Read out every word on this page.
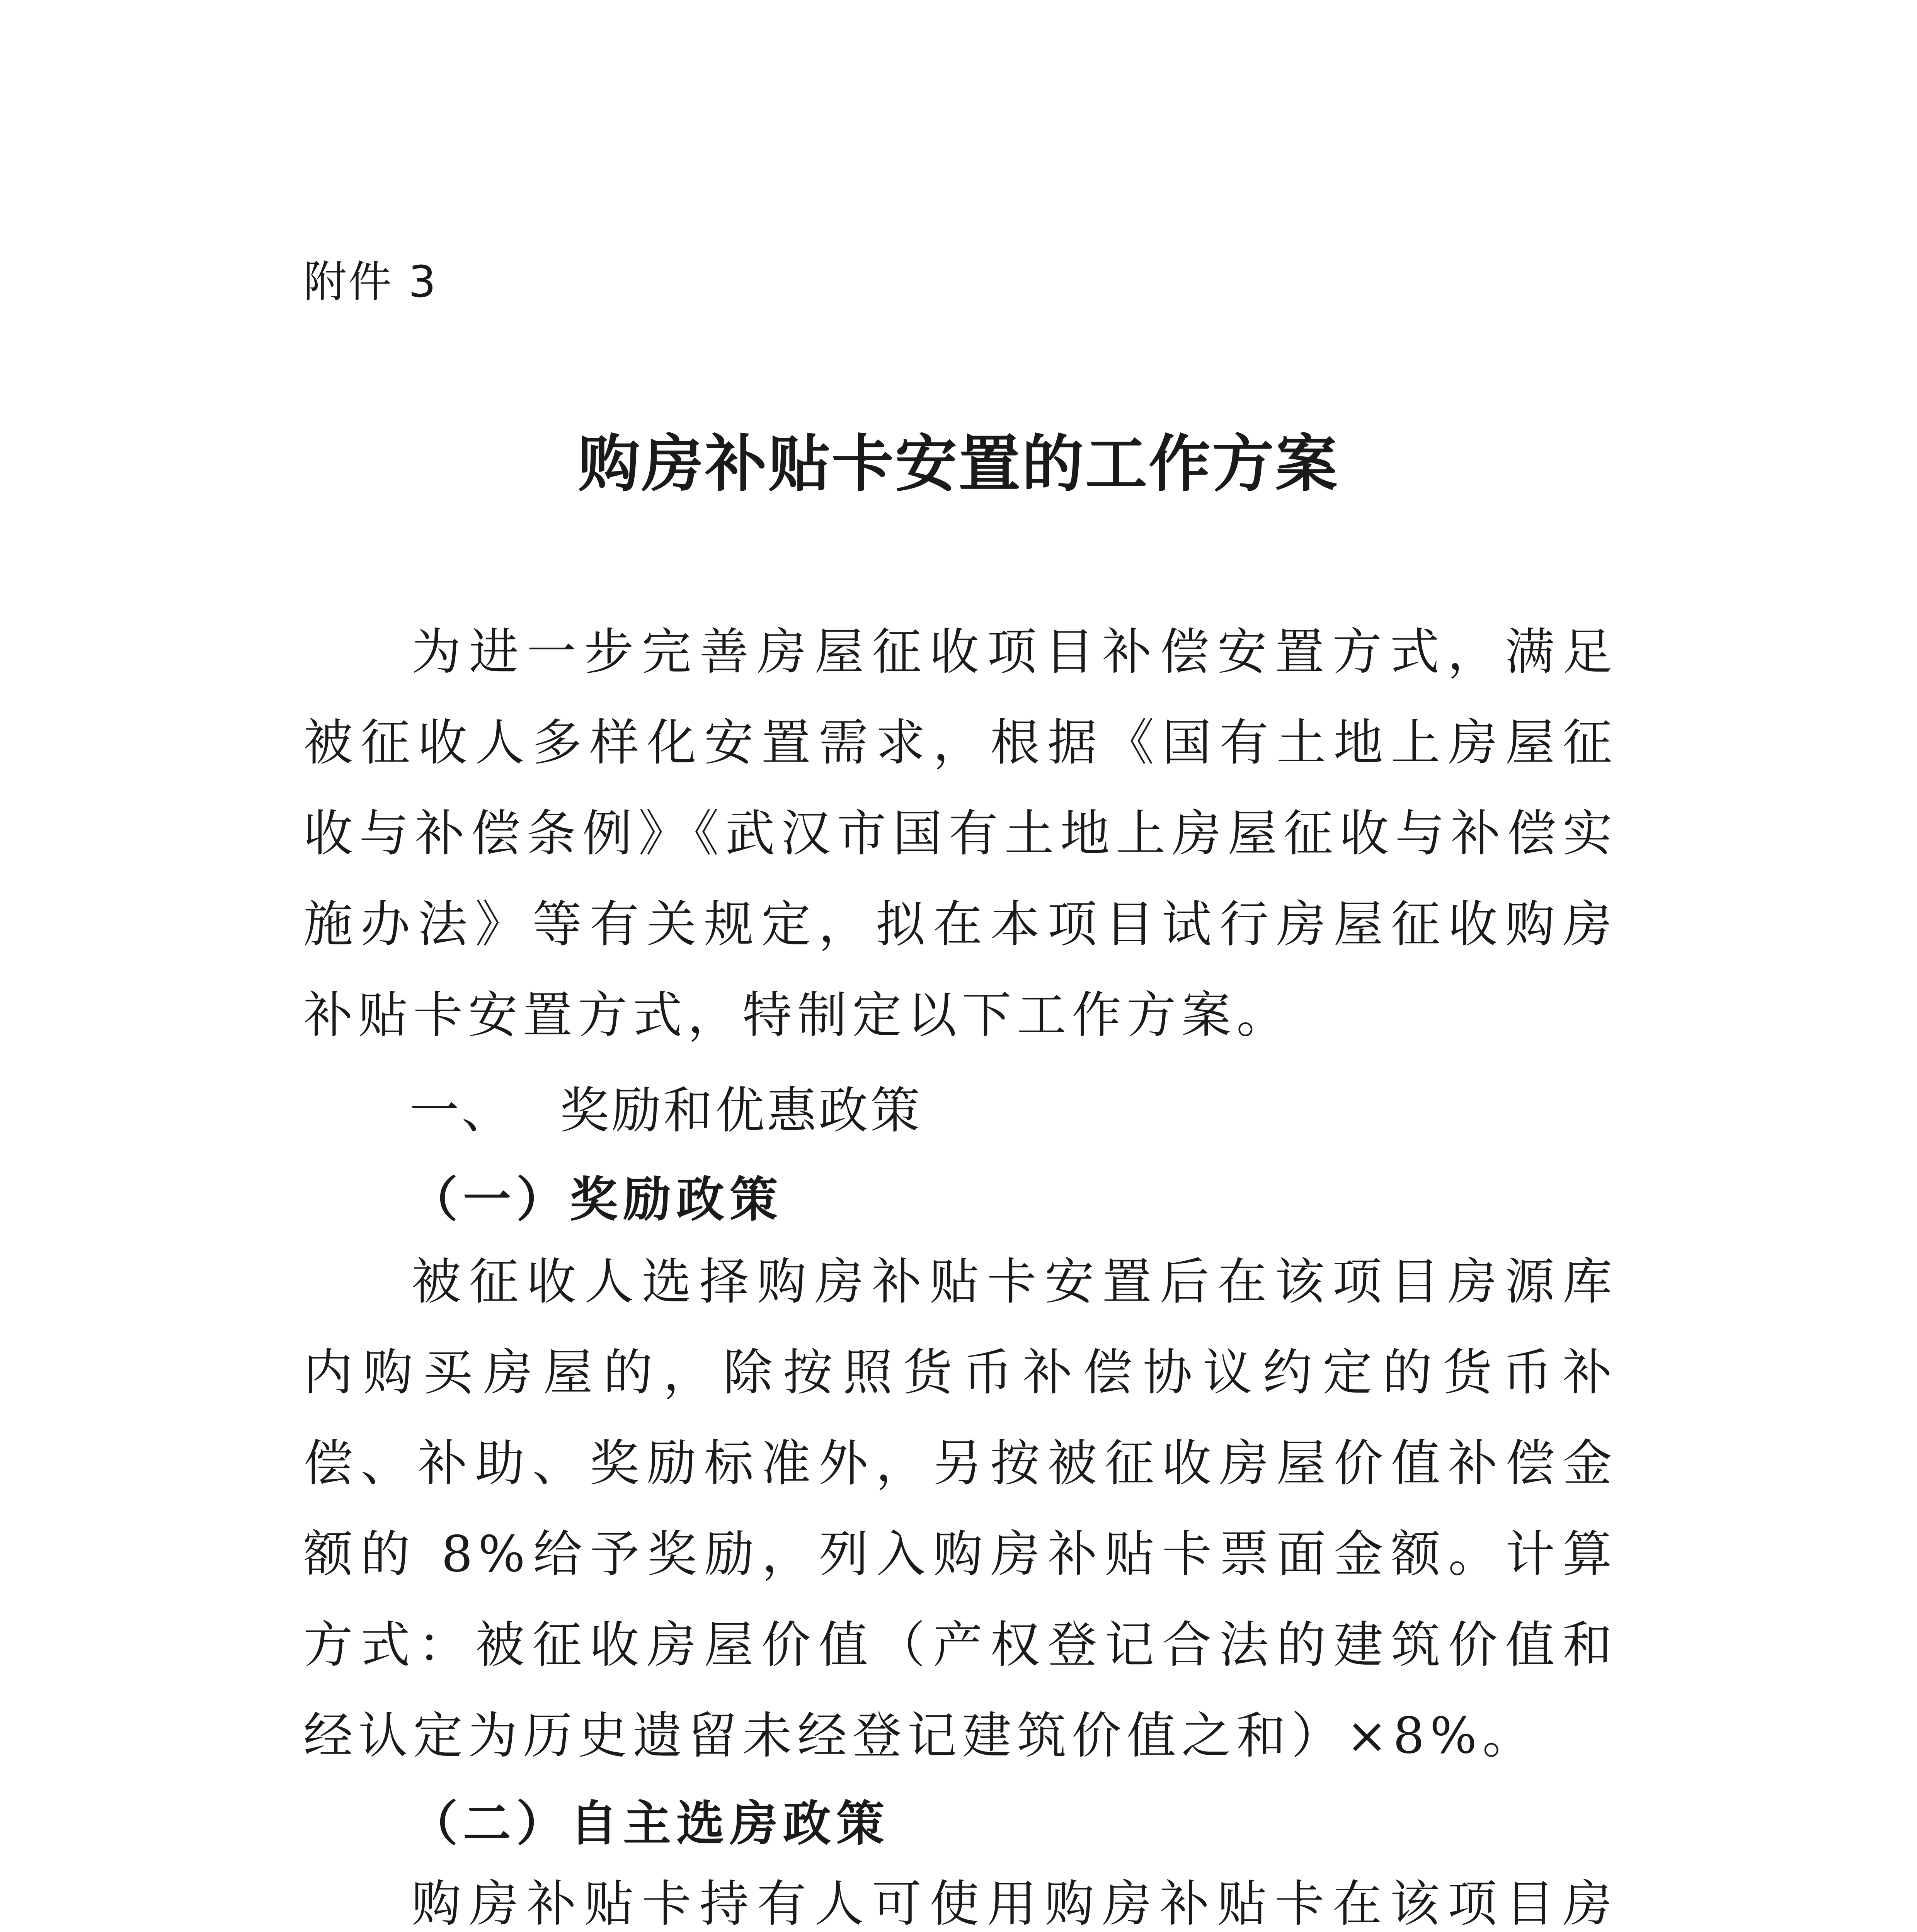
附件 3
购房补贴卡安置的工作方案

为进一步完善房屋征收项目补偿安置方式，满足被征收人多样化安置需求，根据《国有土地上房屋征收与补偿条例》《武汉市国有土地上房屋征收与补偿实施办法》等有关规定，拟在本项目试行房屋征收购房补贴卡安置方式，特制定以下工作方案。

一、 奖励和优惠政策
（一）奖励政策

被征收人选择购房补贴卡安置后在该项目房源库内购买房屋的，除按照货币补偿协议约定的货币补偿、补助、奖励标准外，另按被征收房屋价值补偿金额的 8%给予奖励，列入购房补贴卡票面金额。计算方式：被征收房屋价值（产权登记合法的建筑价值和经认定为历史遗留未经登记建筑价值之和）×8%。

（二）自主选房政策

购房补贴卡持有人可使用购房补贴卡在该项目房
